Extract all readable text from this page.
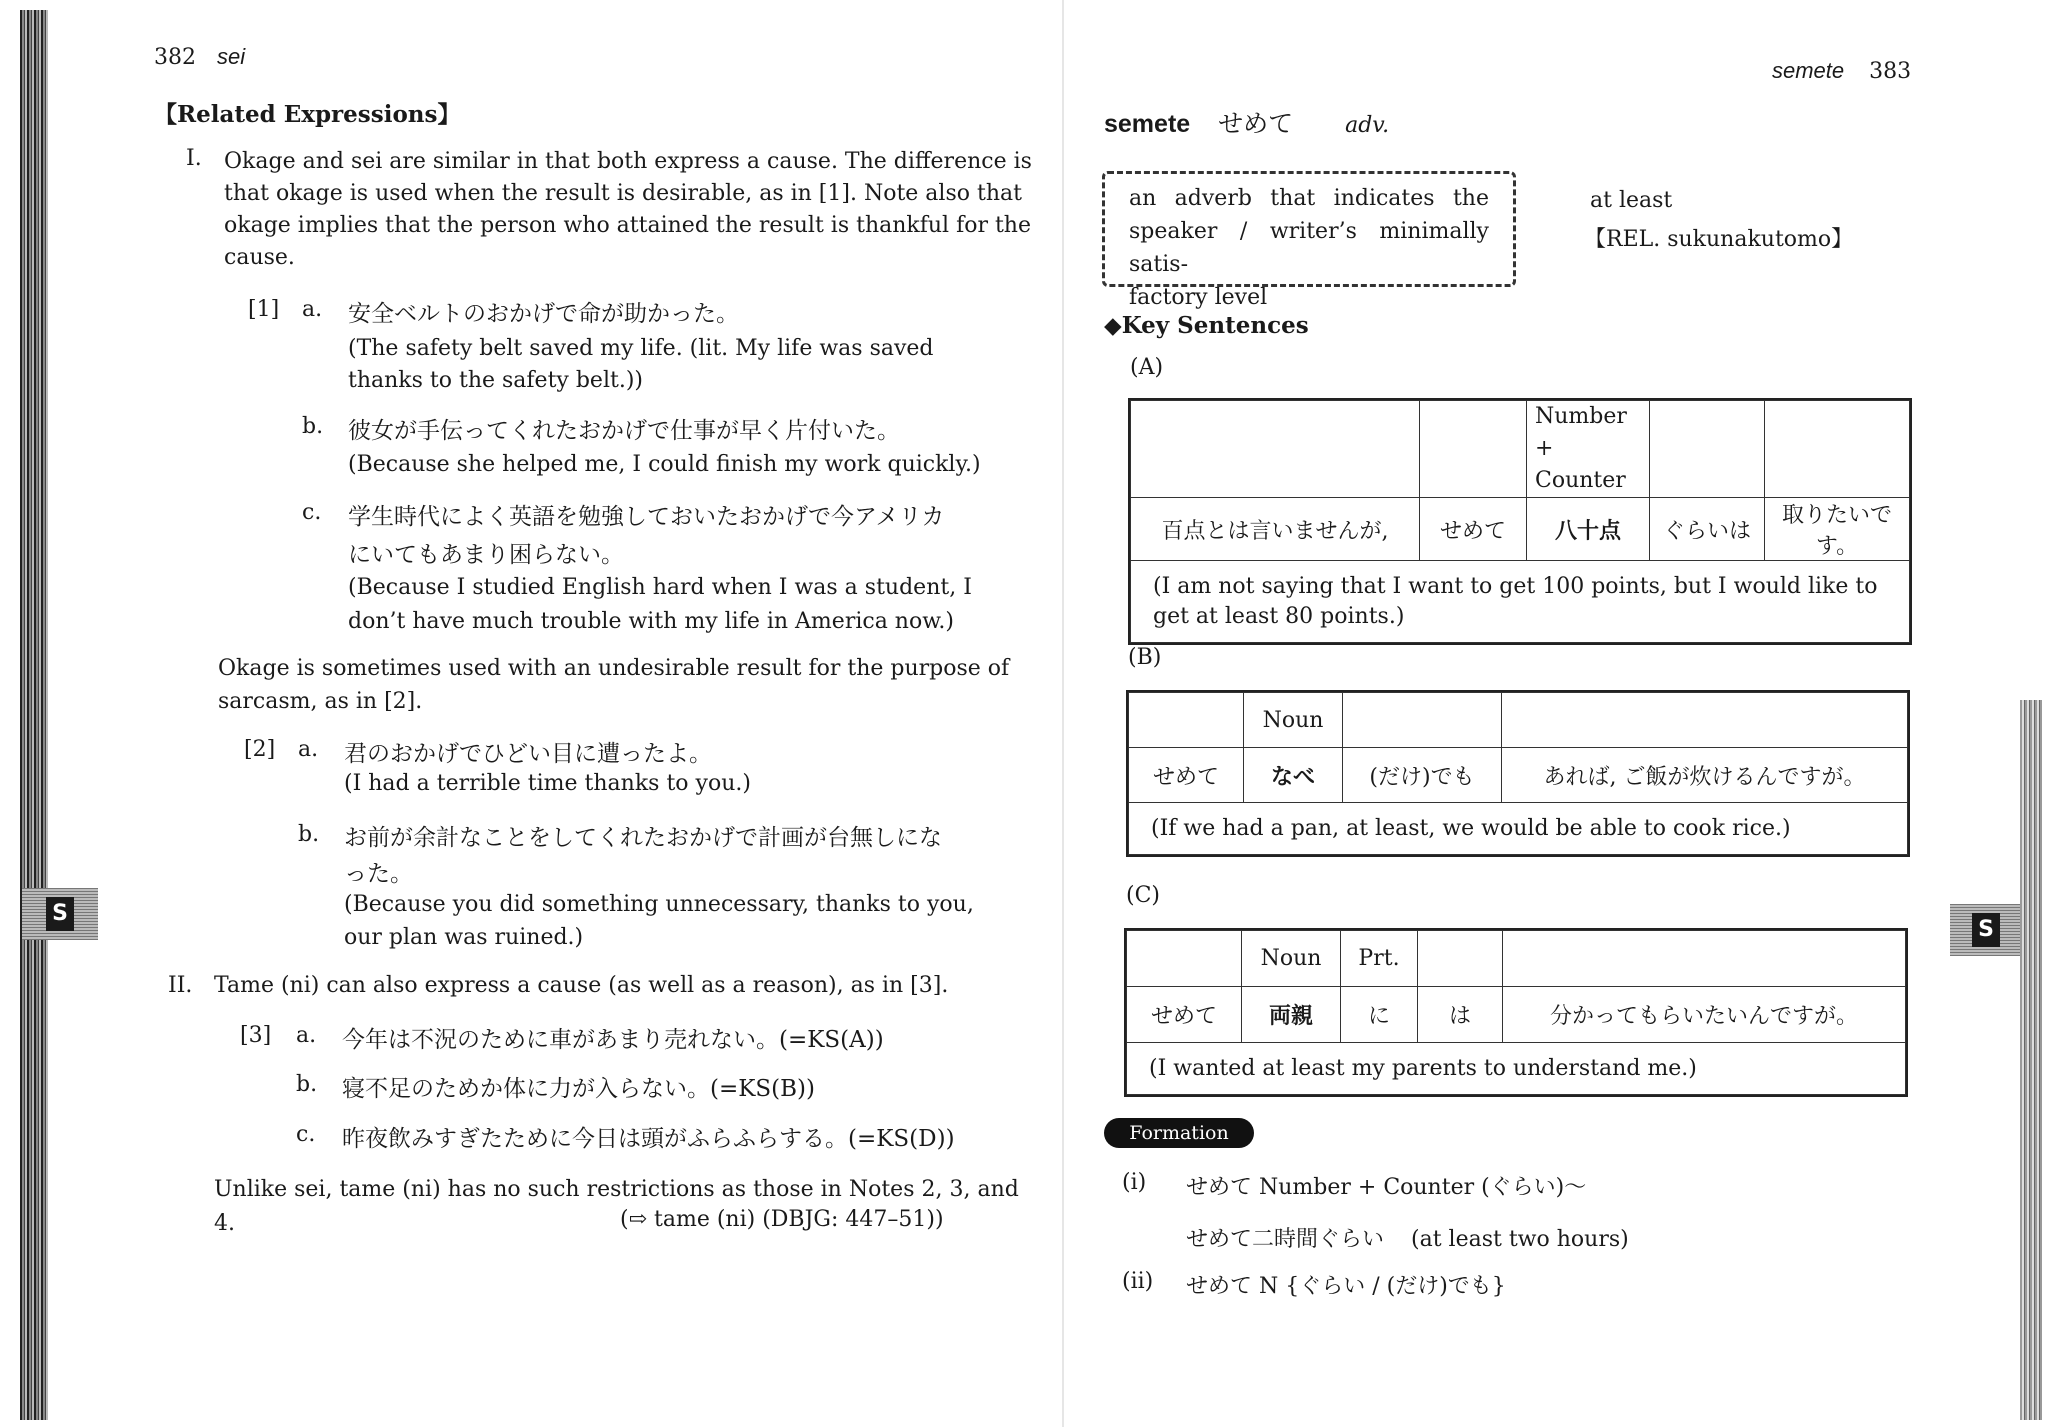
382 sei
【Related Expressions】
I. Okage and sei are similar in that both express a cause. The difference is
that okage is used when the result is desirable, as in [1]. Note also that
okage implies that the person who attained the result is thankful for the
cause.
[1] a. 安全ベルトのおかげで命が助かった。
(The safety belt saved my life. (lit. My life was saved
thanks to the safety belt.))
b. 彼女が手伝ってくれたおかげで仕事が早く片付いた。
(Because she helped me, I could finish my work quickly.)
c. 学生時代によく英語を勉強しておいたおかげで今アメリカ
にいてもあまり困らない。
(Because I studied English hard when I was a student, I
don’t have much trouble with my life in America now.)
Okage is sometimes used with an undesirable result for the purpose of
sarcasm, as in [2].
[2] a. 君のおかげでひどい目に遭ったよ。
(I had a terrible time thanks to you.)
b. お前が余計なことをしてくれたおかげで計画が台無しにな
った。
(Because you did something unnecessary, thanks to you,
our plan was ruined.)
S
II. Tame (ni) can also express a cause (as well as a reason), as in [3].
[3] a. 今年は不況のために車があまり売れない。(=KS(A))
b. 寝不足のためか体に力が入らない。(=KS(B))
c. 昨夜飲みすぎたために今日は頭がふらふらする。(=KS(D))
Unlike sei, tame (ni) has no such restrictions as those in Notes 2, 3, and
4.	(⇨ tame (ni) (DBJG: 447–51))
semete 383
semete せめて adv.
an adverb that indicates the
speaker / writer’s minimally satis-
factory level
at least
【REL. sukunakutomo】
◆Key Sentences
(A)
		Number + Counter		
百点とは言いませんが,	せめて	八十点	ぐらいは	取りたいです。
(I am not saying that I want to get 100 points, but I would like to get at least 80 points.)				
(B)
	Noun		
せめて	なべ	(だけ)でも	あれば, ご飯が炊けるんですが。
(If we had a pan, at least, we would be able to cook rice.)			
(C)
	Noun	Prt.		
せめて	両親	に	は	分かってもらいたいんですが。
(I wanted at least my parents to understand me.)				
S
Formation
(i) せめて Number + Counter (ぐらい)〜
せめて二時間ぐらい (at least two hours)
(ii) せめて N {ぐらい / (だけ)でも}
